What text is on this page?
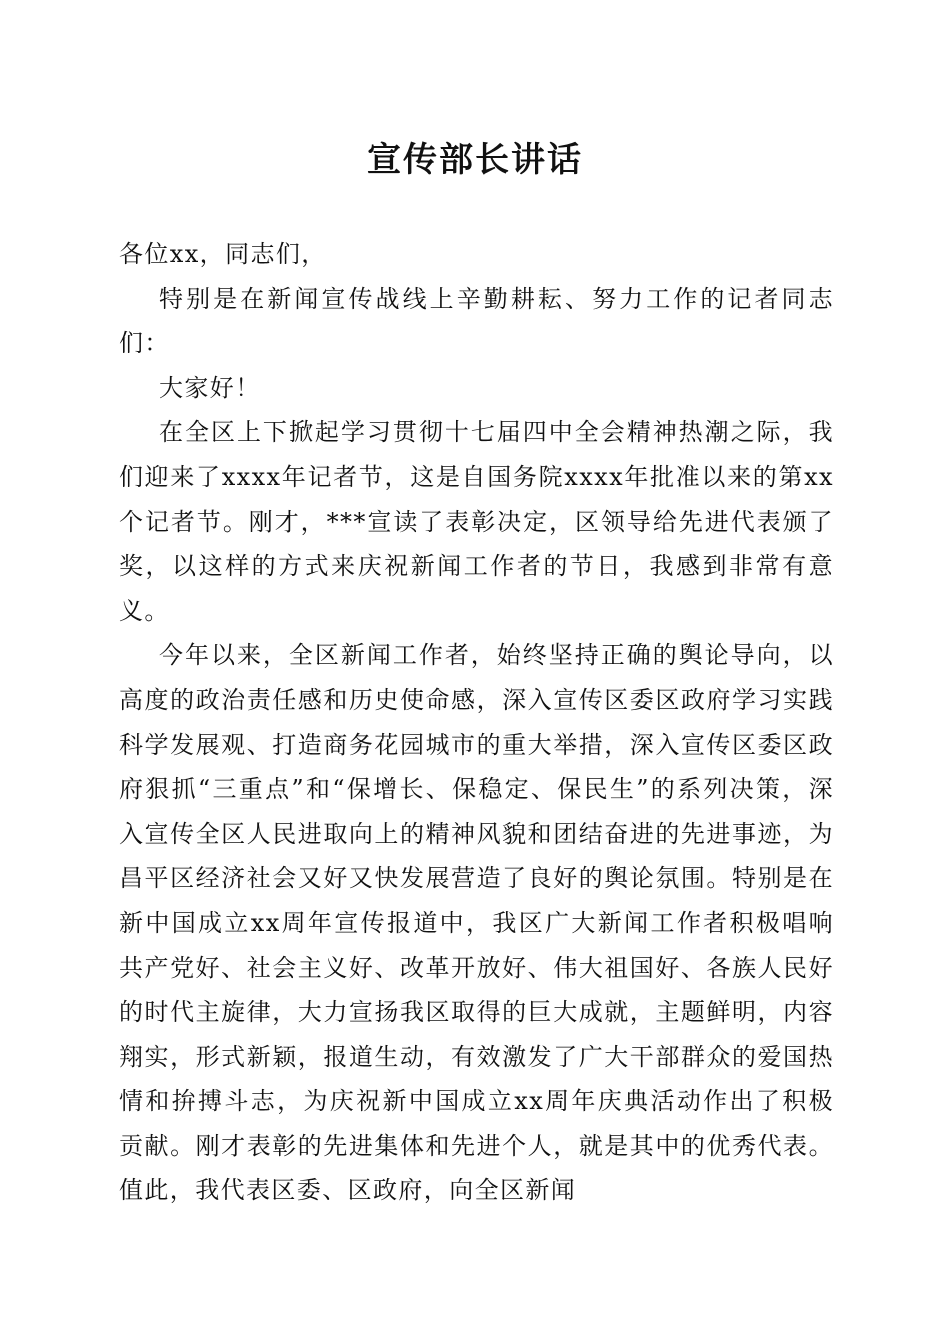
宣传部长讲话

各位xx，同志们，

特别是在新闻宣传战线上辛勤耕耘、努力工作的记者同志们：

大家好！

在全区上下掀起学习贯彻十七届四中全会精神热潮之际，我们迎来了xxxx年记者节，这是自国务院xxxx年批准以来的第xx个记者节。刚才，***宣读了表彰决定，区领导给先进代表颁了奖，以这样的方式来庆祝新闻工作者的节日，我感到非常有意义。

今年以来，全区新闻工作者，始终坚持正确的舆论导向，以高度的政治责任感和历史使命感，深入宣传区委区政府学习实践科学发展观、打造商务花园城市的重大举措，深入宣传区委区政府狠抓“三重点”和“保增长、保稳定、保民生”的系列决策，深入宣传全区人民进取向上的精神风貌和团结奋进的先进事迹，为昌平区经济社会又好又快发展营造了良好的舆论氛围。特别是在新中国成立xx周年宣传报道中，我区广大新闻工作者积极唱响共产党好、社会主义好、改革开放好、伟大祖国好、各族人民好的时代主旋律，大力宣扬我区取得的巨大成就，主题鲜明，内容翔实，形式新颖，报道生动，有效激发了广大干部群众的爱国热情和拚搏斗志，为庆祝新中国成立xx周年庆典活动作出了积极贡献。刚才表彰的先进集体和先进个人，就是其中的优秀代表。值此，我代表区委、区政府，向全区新闻
